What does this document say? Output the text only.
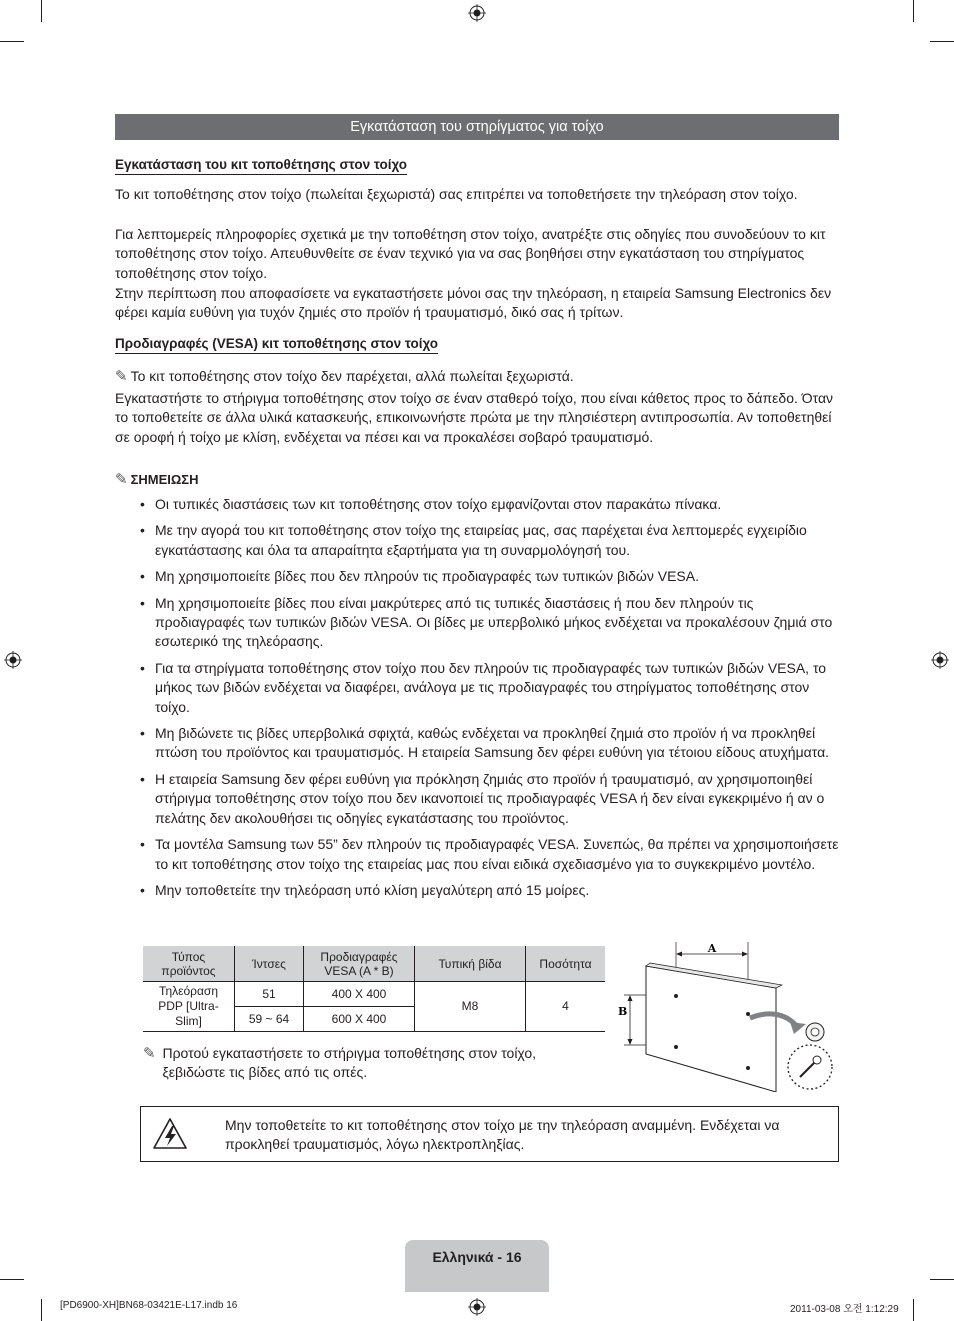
Εγκατάσταση του στηρίγματος για τοίχο
Εγκατάσταση του κιτ τοποθέτησης στον τοίχο
Το κιτ τοποθέτησης στον τοίχο (πωλείται ξεχωριστά) σας επιτρέπει να τοποθετήσετε την τηλεόραση στον τοίχο.
Για λεπτομερείς πληροφορίες σχετικά με την τοποθέτηση στον τοίχο, ανατρέξτε στις οδηγίες που συνοδεύουν το κιτ τοποθέτησης στον τοίχο. Απευθυνθείτε σε έναν τεχνικό για να σας βοηθήσει στην εγκατάσταση του στηρίγματος τοποθέτησης στον τοίχο.
Στην περίπτωση που αποφασίσετε να εγκαταστήσετε μόνοι σας την τηλεόραση, η εταιρεία Samsung Electronics δεν φέρει καμία ευθύνη για τυχόν ζημιές στο προϊόν ή τραυματισμό, δικό σας ή τρίτων.
Προδιαγραφές (VESA) κιτ τοποθέτησης στον τοίχο
✎ Το κιτ τοποθέτησης στον τοίχο δεν παρέχεται, αλλά πωλείται ξεχωριστά.
Εγκαταστήστε το στήριγμα τοποθέτησης στον τοίχο σε έναν σταθερό τοίχο, που είναι κάθετος προς το δάπεδο. Όταν το τοποθετείτε σε άλλα υλικά κατασκευής, επικοινωνήστε πρώτα με την πλησιέστερη αντιπροσωπία. Αν τοποθετηθεί σε οροφή ή τοίχο με κλίση, ενδέχεται να πέσει και να προκαλέσει σοβαρό τραυματισμό.
✎ ΣΗΜΕΙΩΣΗ
• Οι τυπικές διαστάσεις των κιτ τοποθέτησης στον τοίχο εμφανίζονται στον παρακάτω πίνακα.
• Με την αγορά του κιτ τοποθέτησης στον τοίχο της εταιρείας μας, σας παρέχεται ένα λεπτομερές εγχειρίδιο εγκατάστασης και όλα τα απαραίτητα εξαρτήματα για τη συναρμολόγησή του.
• Μη χρησιμοποιείτε βίδες που δεν πληρούν τις προδιαγραφές των τυπικών βιδών VESA.
• Μη χρησιμοποιείτε βίδες που είναι μακρύτερες από τις τυπικές διαστάσεις ή που δεν πληρούν τις προδιαγραφές των τυπικών βιδών VESA. Οι βίδες με υπερβολικό μήκος ενδέχεται να προκαλέσουν ζημιά στο εσωτερικό της τηλεόρασης.
• Για τα στηρίγματα τοποθέτησης στον τοίχο που δεν πληρούν τις προδιαγραφές των τυπικών βιδών VESA, το μήκος των βιδών ενδέχεται να διαφέρει, ανάλογα με τις προδιαγραφές του στηρίγματος τοποθέτησης στον τοίχο.
• Μη βιδώνετε τις βίδες υπερβολικά σφιχτά, καθώς ενδέχεται να προκληθεί ζημιά στο προϊόν ή να προκληθεί πτώση του προϊόντος και τραυματισμός. Η εταιρεία Samsung δεν φέρει ευθύνη για τέτοιου είδους ατυχήματα.
• Η εταιρεία Samsung δεν φέρει ευθύνη για πρόκληση ζημιάς στο προϊόν ή τραυματισμό, αν χρησιμοποιηθεί στήριγμα τοποθέτησης στον τοίχο που δεν ικανοποιεί τις προδιαγραφές VESA ή δεν είναι εγκεκριμένο ή αν ο πελάτης δεν ακολουθήσει τις οδηγίες εγκατάστασης του προϊόντος.
• Τα μοντέλα Samsung των 55” δεν πληρούν τις προδιαγραφές VESA. Συνεπώς, θα πρέπει να χρησιμοποιήσετε το κιτ τοποθέτησης στον τοίχο της εταιρείας μας που είναι ειδικά σχεδιασμένο για το συγκεκριμένο μοντέλο.
• Μην τοποθετείτε την τηλεόραση υπό κλίση μεγαλύτερη από 15 μοίρες.
Τύπος προϊόντος	Ίντσες	Προδιαγραφές VESA (A * B)	Τυπική βίδα	Ποσότητα
Τηλεόραση PDP [Ultra-Slim]	51	400 X 400	M8	4
	59 ~ 64	600 X 400		
A
B
✎ Προτού εγκαταστήσετε το στήριγμα τοποθέτησης στον τοίχο, ξεβιδώστε τις βίδες από τις οπές.
Μην τοποθετείτε το κιτ τοποθέτησης στον τοίχο με την τηλεόραση αναμμένη. Ενδέχεται να προκληθεί τραυματισμός, λόγω ηλεκτροπληξίας.
Ελληνικά - 16
[PD6900-XH]BN68-03421E-L17.indb 16	2011-03-08 오전 1:12:29
